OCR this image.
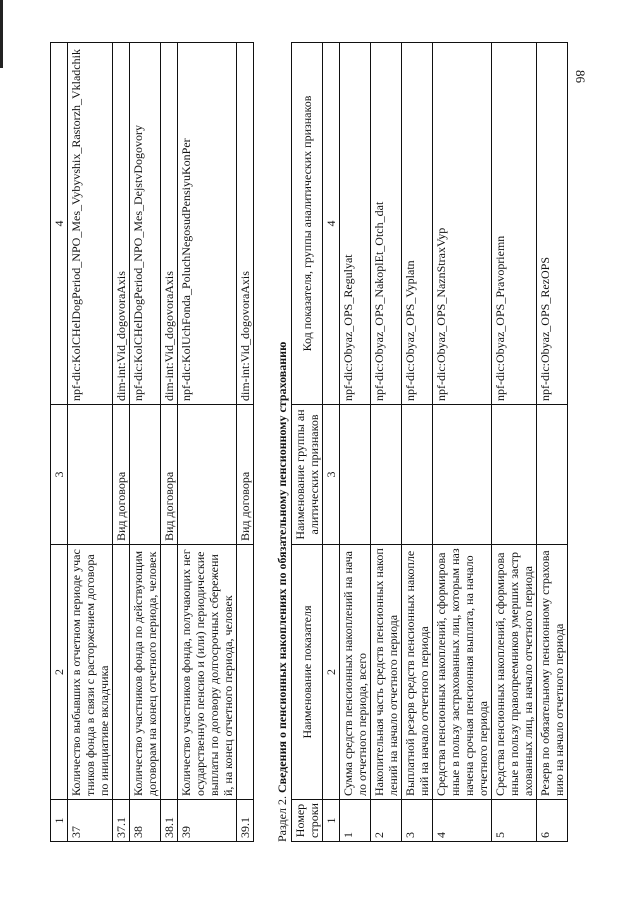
86
1	2	3	4
37	Количество выбывших в отчетном периоде участников фонда в связи с расторжением договора по инициативе вкладчика		npf-dic:KolCHelDogPeriod_NPO_Mes_Vybyvshix_Rastorzh_Vkladchik
37.1		Вид договора	dim-int:Vid_dogovoraAxis
38	Количество участников фонда по действующим договорам на конец отчетного периода, человек		npf-dic:KolCHelDogPeriod_NPO_Mes_DejstvDogovory
38.1		Вид договора	dim-int:Vid_dogovoraAxis
39	Количество участников фонда, получающих негосударственную пенсию и (или) периодические выплаты по договору долгосрочных сбережений, на конец отчетного периода, человек		npf-dic:KolUchFonda_PoluchNegosudPensiyuKonPer
39.1		Вид договора	dim-int:Vid_dogovoraAxis
Раздел 2. Сведения о пенсионных накоплениях по обязательному пенсионному страхованию
Номер строки	Наименование показателя	Наименование группы аналитических признаков	Код показателя, группы аналитических признаков
1	2	3	4
1	Сумма средств пенсионных накоплений на начало отчетного периода, всего		npf-dic:Obyaz_OPS_Regulyat
2	Накопительная часть средств пенсионных накоплений на начало отчетного периода		npf-dic:Obyaz_OPS_NakoplEt_Otch_dat
3	Выплатной резерв средств пенсионных накоплений на начало отчетного периода		npf-dic:Obyaz_OPS_Vyplatn
4	Средства пенсионных накоплений, сформированные в пользу застрахованных лиц, которым назначена срочная пенсионная выплата, на начало отчетного периода		npf-dic:Obyaz_OPS_NaznStraxVyp
5	Средства пенсионных накоплений, сформированные в пользу правопреемников умерших застрахованных лиц, на начало отчетного периода		npf-dic:Obyaz_OPS_Pravopriemn
6	Резерв по обязательному пенсионному страхованию на начало отчетного периода		npf-dic:Obyaz_OPS_RezOPS
